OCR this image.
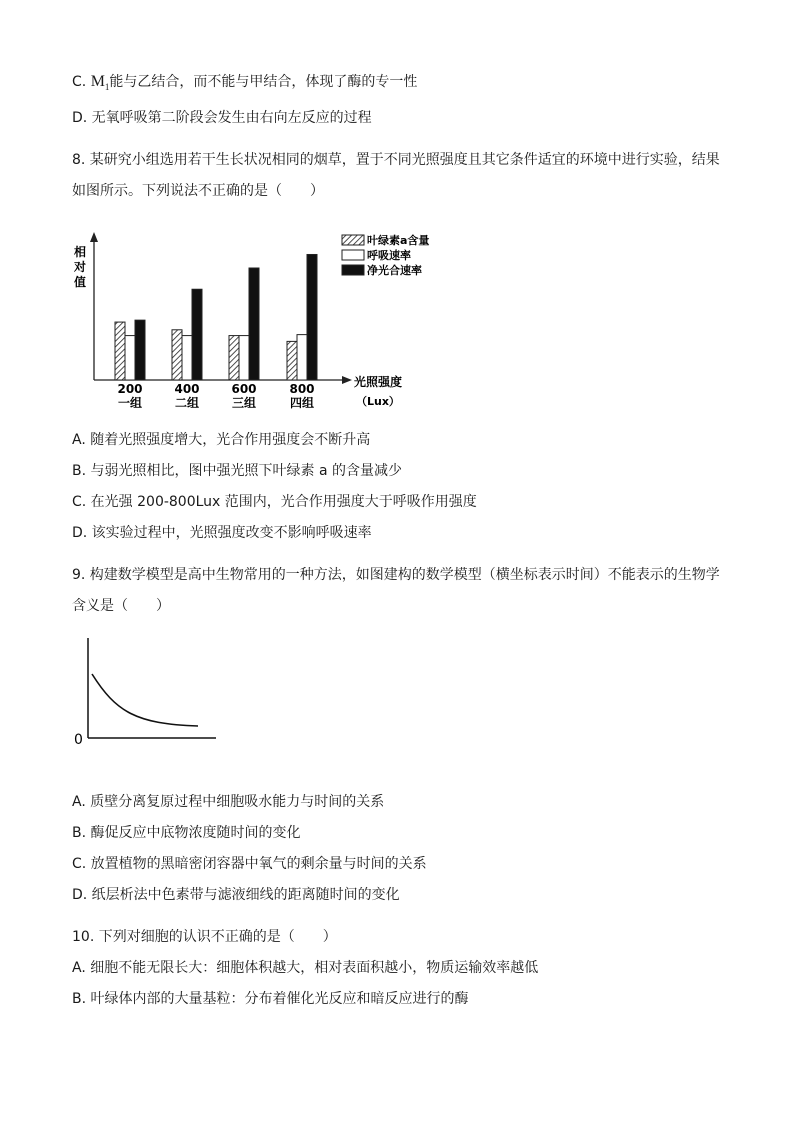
C. $M_1$能与乙结合，而不能与甲结合，体现了酶的专一性
D. 无氧呼吸第二阶段会发生由右向左反应的过程
8. 某研究小组选用若干生长状况相同的烟草，置于不同光照强度且其它条件适宜的环境中进行实验，结果
如图所示。下列说法不正确的是（　　）
相对值
200
一组
400
二组
600
三组
800
四组
光照强度
（Lux）
叶绿素a含量
呼吸速率
净光合速率
A. 随着光照强度增大，光合作用强度会不断升高
B. 与弱光照相比，图中强光照下叶绿素 a 的含量减少
C. 在光强 200-800Lux 范围内，光合作用强度大于呼吸作用强度
D. 该实验过程中，光照强度改变不影响呼吸速率
9. 构建数学模型是高中生物常用的一种方法，如图建构的数学模型（横坐标表示时间）不能表示的生物学
含义是（　　）
0
A. 质壁分离复原过程中细胞吸水能力与时间的关系
B. 酶促反应中底物浓度随时间的变化
C. 放置植物的黑暗密闭容器中氧气的剩余量与时间的关系
D. 纸层析法中色素带与滤液细线的距离随时间的变化
10. 下列对细胞的认识不正确的是（　　）
A. 细胞不能无限长大：细胞体积越大，相对表面积越小，物质运输效率越低
B. 叶绿体内部的大量基粒：分布着催化光反应和暗反应进行的酶
